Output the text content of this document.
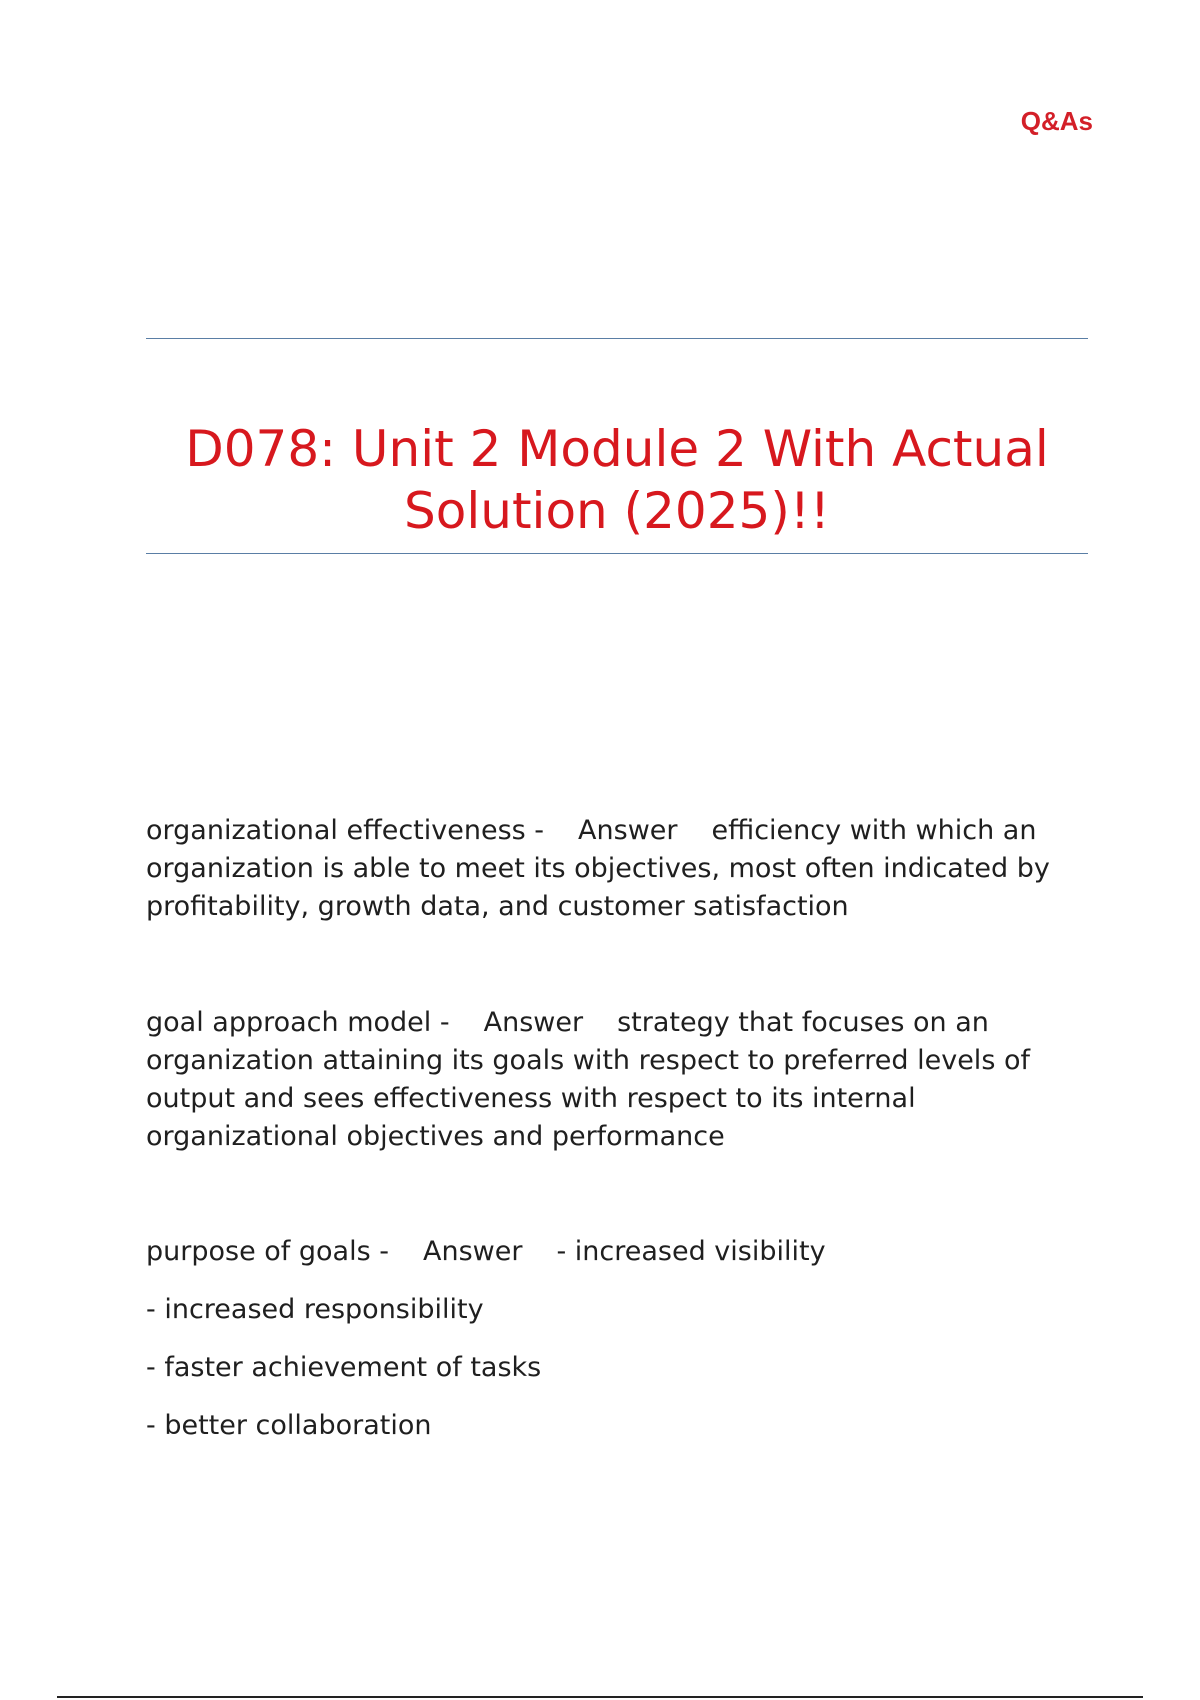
Q&As
D078: Unit 2 Module 2 With Actual
Solution (2025)!!

organizational effectiveness - Answer efficiency with which an organization is able to meet its objectives, most often indicated by profitability, growth data, and customer satisfaction

goal approach model - Answer strategy that focuses on an organization attaining its goals with respect to preferred levels of output and sees effectiveness with respect to its internal organizational objectives and performance

purpose of goals - Answer - increased visibility
- increased responsibility
- faster achievement of tasks
- better collaboration
